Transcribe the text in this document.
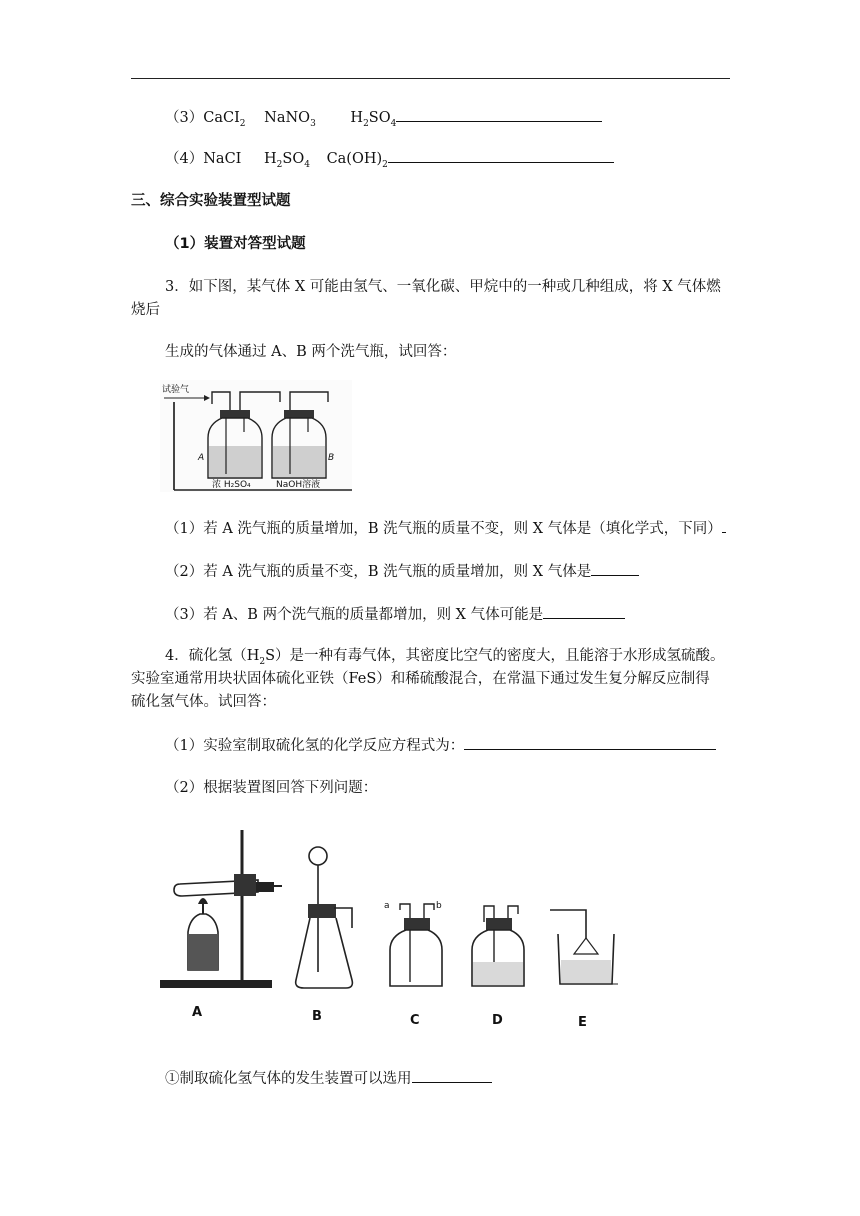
（3）CaCI$_2$ NaNO$_3$ $H_2SO_4$
（4）NaCI $H_2SO_4$ $Ca(OH)_2$
三、综合实验装置型试题
（1）装置对答型试题
3．如下图，某气体 X 可能由氢气、一氧化碳、甲烷中的一种或几种组成，将 X 气体燃
烧后
生成的气体通过 A、B 两个洗气瓶，试回答：
试验气
A	B
浓 H₂SO₄	NaOH溶液
（1）若 A 洗气瓶的质量增加，B 洗气瓶的质量不变，则 X 气体是（填化学式，下同）
（2）若 A 洗气瓶的质量不变，B 洗气瓶的质量增加，则 X 气体是
（3）若 A、B 两个洗气瓶的质量都增加，则 X 气体可能是
4．硫化氢$(H_2S)$是一种有毒气体，其密度比空气的密度大，且能溶于水形成氢硫酸。
实验室通常用块状固体硫化亚铁（FeS）和稀硫酸混合，在常温下通过发生复分解反应制得
硫化氢气体。试回答：
（1）实验室制取硫化氢的化学反应方程式为：
（2）根据装置图回答下列问题：
A	B
a	b
C	D	E
①制取硫化氢气体的发生装置可以选用
